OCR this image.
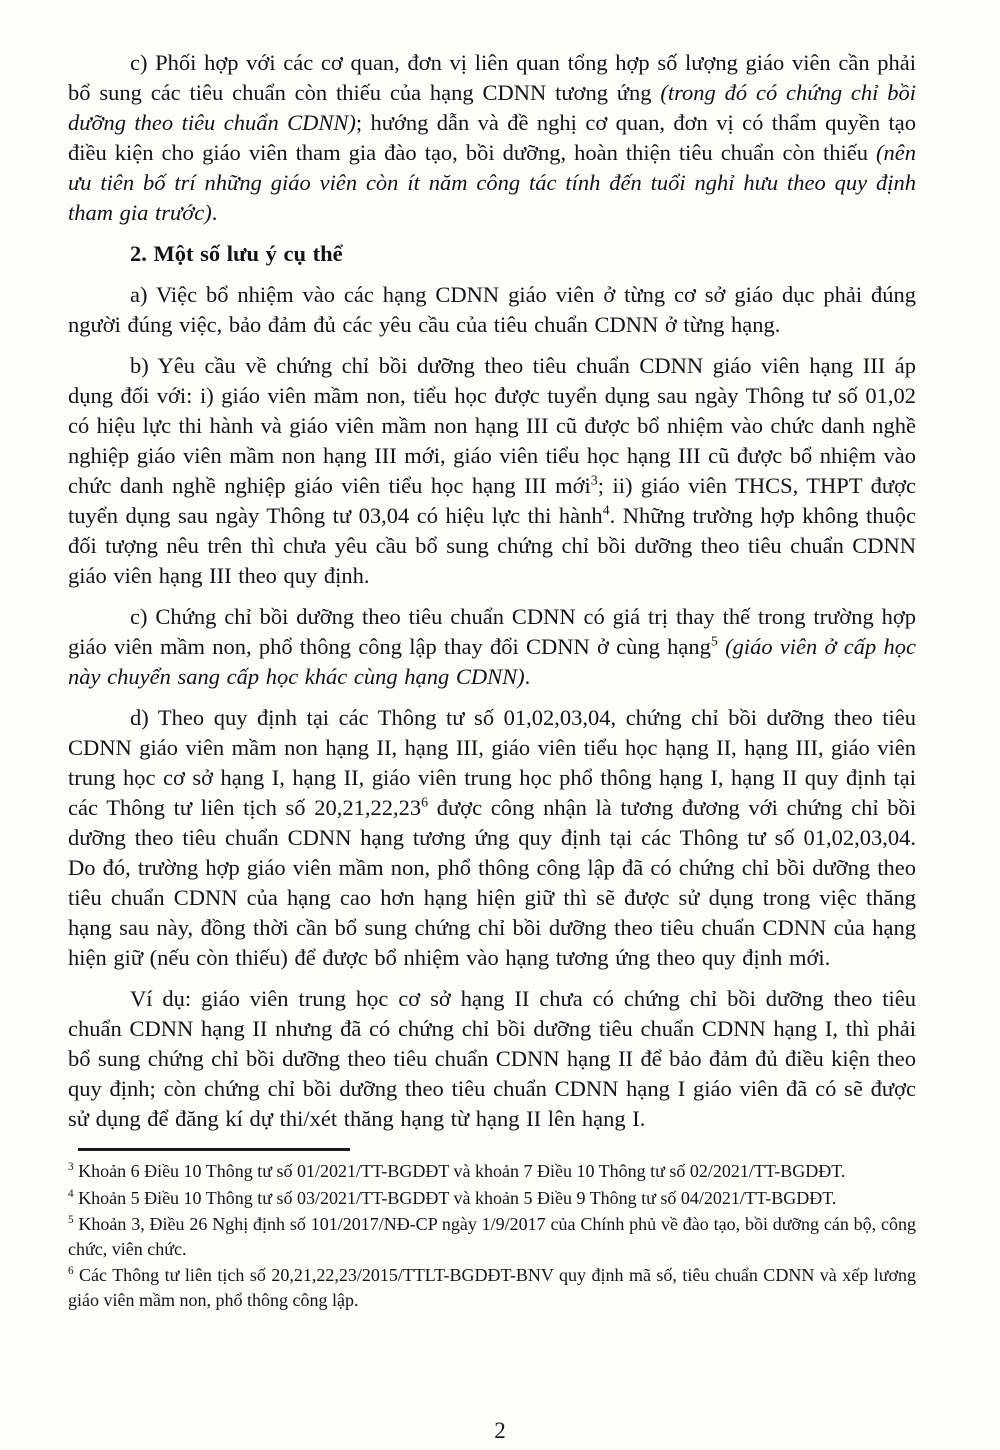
c) Phối hợp với các cơ quan, đơn vị liên quan tổng hợp số lượng giáo viên cần phải bổ sung các tiêu chuẩn còn thiếu của hạng CDNN tương ứng (trong đó có chứng chỉ bồi dưỡng theo tiêu chuẩn CDNN); hướng dẫn và đề nghị cơ quan, đơn vị có thẩm quyền tạo điều kiện cho giáo viên tham gia đào tạo, bồi dưỡng, hoàn thiện tiêu chuẩn còn thiếu (nên ưu tiên bố trí những giáo viên còn ít năm công tác tính đến tuổi nghỉ hưu theo quy định tham gia trước).

2. Một số lưu ý cụ thể

a) Việc bổ nhiệm vào các hạng CDNN giáo viên ở từng cơ sở giáo dục phải đúng người đúng việc, bảo đảm đủ các yêu cầu của tiêu chuẩn CDNN ở từng hạng.

b) Yêu cầu về chứng chỉ bồi dưỡng theo tiêu chuẩn CDNN giáo viên hạng III áp dụng đối với: i) giáo viên mầm non, tiểu học được tuyển dụng sau ngày Thông tư số 01,02 có hiệu lực thi hành và giáo viên mầm non hạng III cũ được bổ nhiệm vào chức danh nghề nghiệp giáo viên mầm non hạng III mới, giáo viên tiểu học hạng III cũ được bổ nhiệm vào chức danh nghề nghiệp giáo viên tiểu học hạng III mới$^3$; ii) giáo viên THCS, THPT được tuyển dụng sau ngày Thông tư 03,04 có hiệu lực thi hành$^4$. Những trường hợp không thuộc đối tượng nêu trên thì chưa yêu cầu bổ sung chứng chỉ bồi dưỡng theo tiêu chuẩn CDNN giáo viên hạng III theo quy định.

c) Chứng chỉ bồi dưỡng theo tiêu chuẩn CDNN có giá trị thay thế trong trường hợp giáo viên mầm non, phổ thông công lập thay đổi CDNN ở cùng hạng$^5$ (giáo viên ở cấp học này chuyển sang cấp học khác cùng hạng CDNN).

d) Theo quy định tại các Thông tư số 01,02,03,04, chứng chỉ bồi dưỡng theo tiêu CDNN giáo viên mầm non hạng II, hạng III, giáo viên tiểu học hạng II, hạng III, giáo viên trung học cơ sở hạng I, hạng II, giáo viên trung học phổ thông hạng I, hạng II quy định tại các Thông tư liên tịch số 20,21,22,23$^6$ được công nhận là tương đương với chứng chỉ bồi dưỡng theo tiêu chuẩn CDNN hạng tương ứng quy định tại các Thông tư số 01,02,03,04. Do đó, trường hợp giáo viên mầm non, phổ thông công lập đã có chứng chỉ bồi dưỡng theo tiêu chuẩn CDNN của hạng cao hơn hạng hiện giữ thì sẽ được sử dụng trong việc thăng hạng sau này, đồng thời cần bổ sung chứng chỉ bồi dưỡng theo tiêu chuẩn CDNN của hạng hiện giữ (nếu còn thiếu) để được bổ nhiệm vào hạng tương ứng theo quy định mới.

Ví dụ: giáo viên trung học cơ sở hạng II chưa có chứng chỉ bồi dưỡng theo tiêu chuẩn CDNN hạng II nhưng đã có chứng chỉ bồi dưỡng tiêu chuẩn CDNN hạng I, thì phải bổ sung chứng chỉ bồi dưỡng theo tiêu chuẩn CDNN hạng II để bảo đảm đủ điều kiện theo quy định; còn chứng chỉ bồi dưỡng theo tiêu chuẩn CDNN hạng I giáo viên đã có sẽ được sử dụng để đăng kí dự thi/xét thăng hạng từ hạng II lên hạng I.

$^3$ Khoản 6 Điều 10 Thông tư số 01/2021/TT-BGDĐT và khoản 7 Điều 10 Thông tư số 02/2021/TT-BGDĐT.

$^4$ Khoản 5 Điều 10 Thông tư số 03/2021/TT-BGDĐT và khoản 5 Điều 9 Thông tư số 04/2021/TT-BGDĐT.

$^5$ Khoản 3, Điều 26 Nghị định số 101/2017/NĐ-CP ngày 1/9/2017 của Chính phủ về đào tạo, bồi dưỡng cán bộ, công chức, viên chức.

$^6$ Các Thông tư liên tịch số 20,21,22,23/2015/TTLT-BGDĐT-BNV quy định mã số, tiêu chuẩn CDNN và xếp lương giáo viên mầm non, phổ thông công lập.

2
